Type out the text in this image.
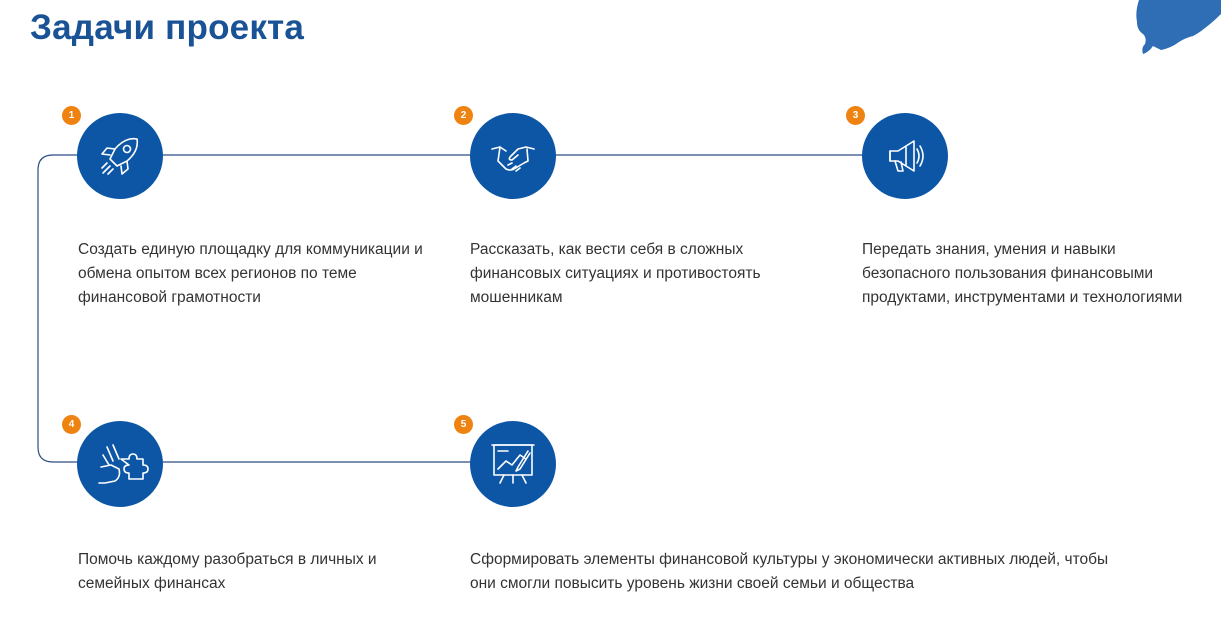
Задачи проекта
1

Создать единую площадку для коммуникации и обмена опытом всех регионов по теме финансовой грамотности

2

Рассказать, как вести себя в сложных финансовых ситуациях и противостоять мошенникам

3

Передать знания, умения и навыки безопасного пользования финансовыми продуктами, инструментами и технологиями

4

Помочь каждому разобраться в личных и семейных финансах

5

Сформировать элементы финансовой культуры у экономически активных людей, чтобы они смогли повысить уровень жизни своей семьи и общества
